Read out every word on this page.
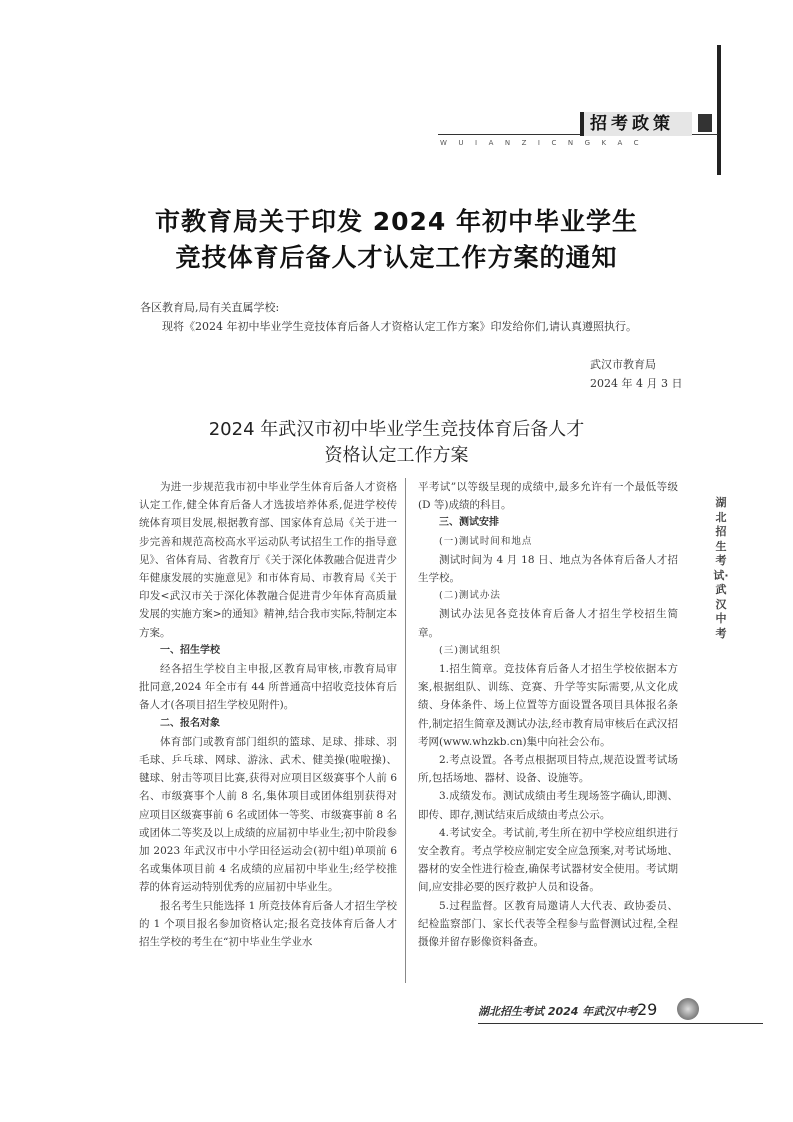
招考政策
WUIANZICNGKAC
市教育局关于印发 2024 年初中毕业学生
竞技体育后备人才认定工作方案的通知
各区教育局,局有关直属学校:
现将《2024 年初中毕业学生竞技体育后备人才资格认定工作方案》印发给你们,请认真遵照执行。
武汉市教育局
2024 年 4 月 3 日
2024 年武汉市初中毕业学生竞技体育后备人才
资格认定工作方案

为进一步规范我市初中毕业学生体育后备人才资格认定工作,健全体育后备人才选拔培养体系,促进学校传统体育项目发展,根据教育部、国家体育总局《关于进一步完善和规范高校高水平运动队考试招生工作的指导意见》、省体育局、省教育厅《关于深化体教融合促进青少年健康发展的实施意见》和市体育局、市教育局《关于印发<武汉市关于深化体教融合促进青少年体育高质量发展的实施方案>的通知》精神,结合我市实际,特制定本方案。

一、招生学校

经各招生学校自主申报,区教育局审核,市教育局审批同意,2024 年全市有 44 所普通高中招收竞技体育后备人才(各项目招生学校见附件)。

二、报名对象

体育部门或教育部门组织的篮球、足球、排球、羽毛球、乒乓球、网球、游泳、武术、健美操(啦啦操)、毽球、射击等项目比赛,获得对应项目区级赛事个人前 6 名、市级赛事个人前 8 名,集体项目或团体组别获得对应项目区级赛事前 6 名或团体一等奖、市级赛事前 8 名或团体二等奖及以上成绩的应届初中毕业生;初中阶段参加 2023 年武汉市中小学田径运动会(初中组)单项前 6 名或集体项目前 4 名成绩的应届初中毕业生;经学校推荐的体育运动特别优秀的应届初中毕业生。

报名考生只能选择 1 所竞技体育后备人才招生学校的 1 个项目报名参加资格认定;报名竞技体育后备人才招生学校的考生在“初中毕业生学业水

平考试”以等级呈现的成绩中,最多允许有一个最低等级(D 等)成绩的科目。

三、测试安排

(一)测试时间和地点

测试时间为 4 月 18 日、地点为各体育后备人才招生学校。

(二)测试办法

测试办法见各竞技体育后备人才招生学校招生简章。

(三)测试组织

1.招生简章。竞技体育后备人才招生学校依据本方案,根据组队、训练、竞赛、升学等实际需要,从文化成绩、身体条件、场上位置等方面设置各项目具体报名条件,制定招生简章及测试办法,经市教育局审核后在武汉招考网(www.whzkb.cn)集中向社会公布。

2.考点设置。各考点根据项目特点,规范设置考试场所,包括场地、器材、设备、设施等。

3.成绩发布。测试成绩由考生现场签字确认,即测、即传、即存,测试结束后成绩由考点公示。

4.考试安全。考试前,考生所在初中学校应组织进行安全教育。考点学校应制定安全应急预案,对考试场地、器材的安全性进行检查,确保考试器材安全使用。考试期间,应安排必要的医疗救护人员和设备。

5.过程监督。区教育局邀请人大代表、政协委员、纪检监察部门、家长代表等全程参与监督测试过程,全程摄像并留存影像资料备查。

湖北招生考试·武汉中考
湖北招生考试 2024 年武汉中考 29
